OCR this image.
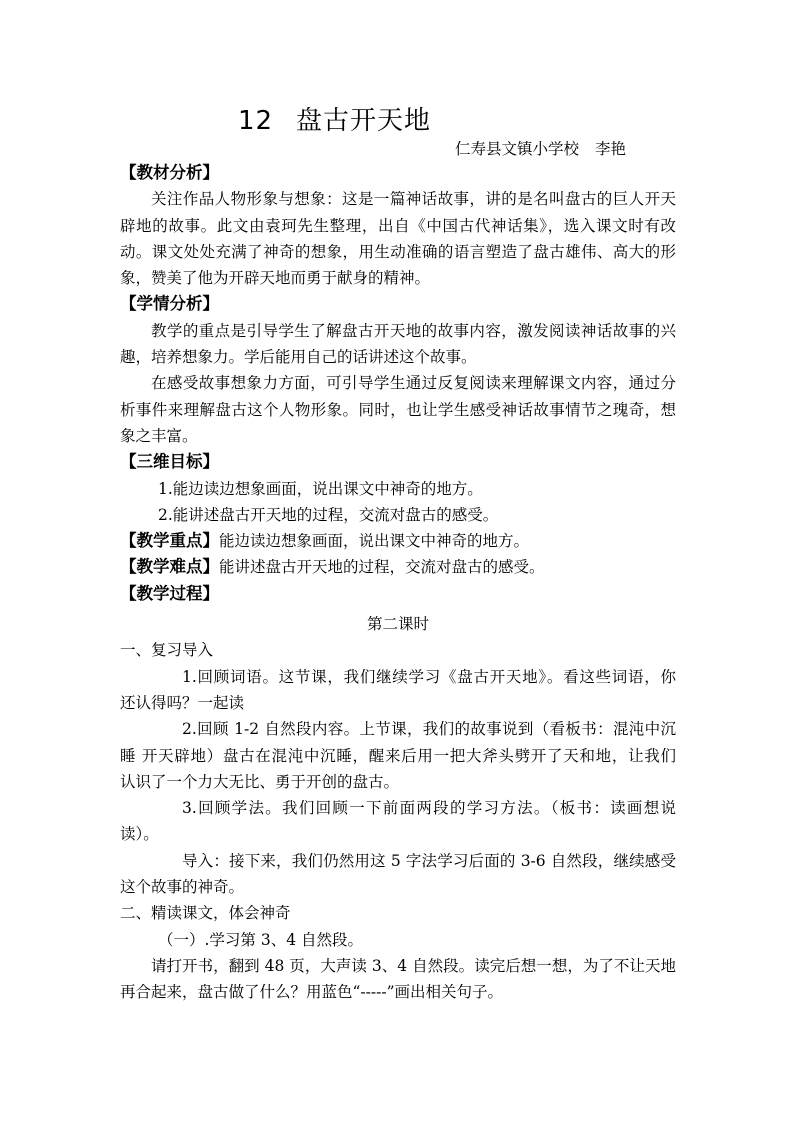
12 盘古开天地
仁寿县文镇小学校 李艳
【教材分析】
关注作品人物形象与想象：这是一篇神话故事，讲的是名叫盘古的巨人开天
辟地的故事。此文由袁珂先生整理，出自《中国古代神话集》，选入课文时有改
动。课文处处充满了神奇的想象，用生动准确的语言塑造了盘古雄伟、高大的形
象，赞美了他为开辟天地而勇于献身的精神。
【学情分析】
教学的重点是引导学生了解盘古开天地的故事内容，激发阅读神话故事的兴
趣，培养想象力。学后能用自己的话讲述这个故事。
在感受故事想象力方面，可引导学生通过反复阅读来理解课文内容，通过分
析事件来理解盘古这个人物形象。同时，也让学生感受神话故事情节之瑰奇，想
象之丰富。
【三维目标】
1.能边读边想象画面，说出课文中神奇的地方。
2.能讲述盘古开天地的过程，交流对盘古的感受。
【教学重点】能边读边想象画面，说出课文中神奇的地方。
【教学难点】能讲述盘古开天地的过程，交流对盘古的感受。
【教学过程】
第二课时
一、复习导入
1.回顾词语。这节课，我们继续学习《盘古开天地》。看这些词语，你
还认得吗？一起读
2.回顾 1-2 自然段内容。上节课，我们的故事说到（看板书：混沌中沉
睡 开天辟地）盘古在混沌中沉睡，醒来后用一把大斧头劈开了天和地，让我们
认识了一个力大无比、勇于开创的盘古。
3.回顾学法。我们回顾一下前面两段的学习方法。（板书：读画想说
读）。
导入：接下来，我们仍然用这 5 字法学习后面的 3-6 自然段，继续感受
这个故事的神奇。
二、精读课文，体会神奇
（一）.学习第 3、4 自然段。
请打开书，翻到 48 页，大声读 3、4 自然段。读完后想一想，为了不让天地
再合起来，盘古做了什么？用蓝色“-----”画出相关句子。
